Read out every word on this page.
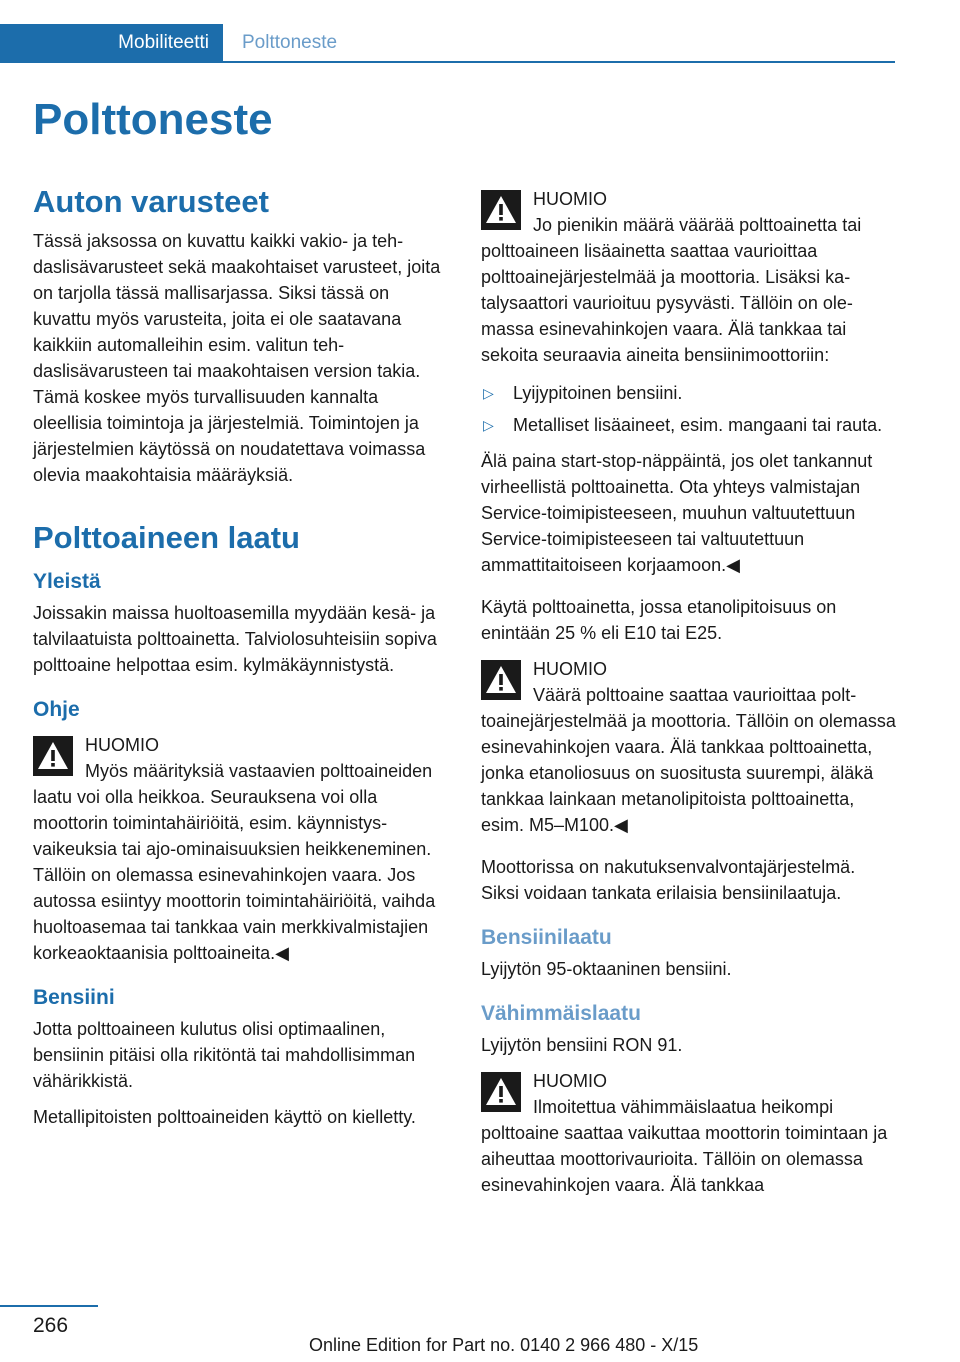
Mobiliteetti	Polttoneste
Polttoneste
Auton varusteet

Tässä jaksossa on kuvattu kaikki vakio- ja tehdaslisävarusteet sekä maakohtaiset varusteet, joita on tarjolla tässä mallisarjassa. Siksi tässä on kuvattu myös varusteita, joita ei ole saatavana kaikkiin automalleihin esim. valitun tehdaslisävarusteen tai maakohtaisen version takia. Tämä koskee myös turvallisuuden kannalta oleellisia toimintoja ja järjestelmiä. Toimintojen ja järjestelmien käytössä on noudatettava voimassa olevia maakohtaisia määräyksiä.

Polttoaineen laatu
Yleistä

Joissakin maissa huoltoasemilla myydään kesä- ja talvilaatuista polttoainetta. Talviolosuhteisiin sopiva polttoaine helpottaa esim. kylmäkäynnistystä.

Ohje
HUOMIO

Myös määrityksiä vastaavien polttoaineiden laatu voi olla heikkoa. Seurauksena voi olla moottorin toimintahäiriöitä, esim. käynnistysvaikeuksia tai ajo-ominaisuuksien heikkeneminen. Tällöin on olemassa esinevahinkojen vaara. Jos autossa esiintyy moottorin toimintahäiriöitä, vaihda huoltoasemaa tai tankkaa vain merkkivalmistajien korkeaoktaanisia polttoaineita.◀

Bensiini

Jotta polttoaineen kulutus olisi optimaalinen, bensiinin pitäisi olla rikitöntä tai mahdollisimman vähärikkistä.

Metallipitoisten polttoaineiden käyttö on kielletty.

HUOMIO

Jo pienikin määrä väärää polttoainetta tai polttoaineen lisäainetta saattaa vaurioittaa polttoainejärjestelmää ja moottoria. Lisäksi katalysaattori vaurioituu pysyvästi. Tällöin on olemassa esinevahinkojen vaara. Älä tankkaa tai sekoita seuraavia aineita bensiinimoottoriin:

▷ Lyijypitoinen bensiini.
▷ Metalliset lisäaineet, esim. mangaani tai rauta.

Älä paina start-stop-näppäintä, jos olet tankannut virheellistä polttoainetta. Ota yhteys valmistajan Service-toimipisteeseen, muuhun valtuutettuun Service-toimipisteeseen tai valtuutettuun ammattitaitoiseen korjaamoon.◀

Käytä polttoainetta, jossa etanolipitoisuus on enintään 25 % eli E10 tai E25.

HUOMIO

Väärä polttoaine saattaa vaurioittaa polttoainejärjestelmää ja moottoria. Tällöin on olemassa esinevahinkojen vaara. Älä tankkaa polttoainetta, jonka etanoliosuus on suositusta suurempi, äläkä tankkaa lainkaan metanolipitoista polttoainetta, esim. M5–M100.◀

Moottorissa on nakutuksenvalvontajärjestelmä. Siksi voidaan tankata erilaisia bensiinilaatuja.

Bensiinilaatu

Lyijytön 95-oktaaninen bensiini.

Vähimmäislaatu

Lyijytön bensiini RON 91.

HUOMIO

Ilmoitettua vähimmäislaatua heikompi polttoaine saattaa vaikuttaa moottorin toimintaan ja aiheuttaa moottorivaurioita. Tällöin on olemassa esinevahinkojen vaara. Älä tankkaa

266
Online Edition for Part no. 0140 2 966 480 - X/15
